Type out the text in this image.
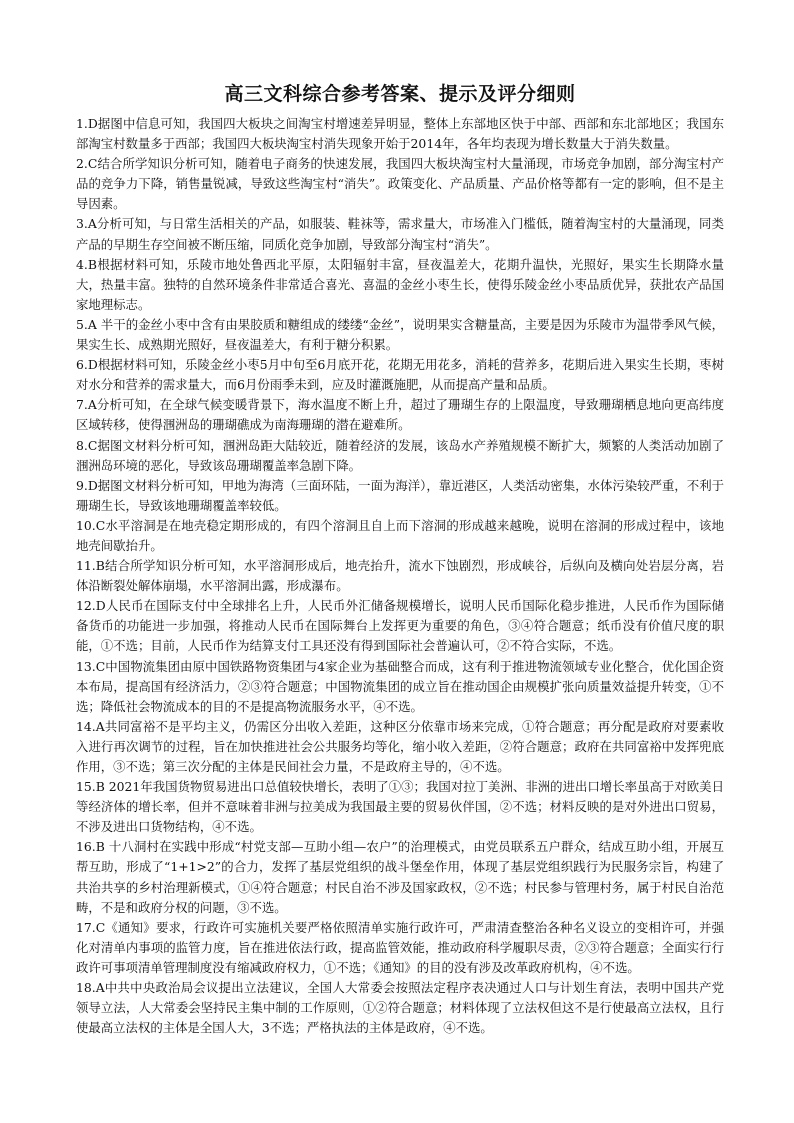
高三文科综合参考答案、提示及评分细则

1.D据图中信息可知，我国四大板块之间淘宝村增速差异明显，整体上东部地区快于中部、西部和东北部地区；我国东部淘宝村数量多于西部；我国四大板块淘宝村消失现象开始于2014年，各年均表现为增长数量大于消失数量。

2.C结合所学知识分析可知，随着电子商务的快速发展，我国四大板块淘宝村大量涌现，市场竞争加剧，部分淘宝村产品的竞争力下降，销售量锐减，导致这些淘宝村“消失”。政策变化、产品质量、产品价格等都有一定的影响，但不是主导因素。

3.A分析可知，与日常生活相关的产品，如服装、鞋袜等，需求量大，市场准入门槛低，随着淘宝村的大量涌现，同类产品的早期生存空间被不断压缩，同质化竞争加剧，导致部分淘宝村“消失”。

4.B根据材料可知，乐陵市地处鲁西北平原，太阳辐射丰富，昼夜温差大，花期升温快，光照好，果实生长期降水量大，热量丰富。独特的自然环境条件非常适合喜光、喜温的金丝小枣生长，使得乐陵金丝小枣品质优异，获批农产品国家地理标志。

5.A 半干的金丝小枣中含有由果胶质和糖组成的缕缕“金丝”，说明果实含糖量高，主要是因为乐陵市为温带季风气候，果实生长、成熟期光照好，昼夜温差大，有利于糖分积累。

6.D根据材料可知，乐陵金丝小枣5月中旬至6月底开花，花期无用花多，消耗的营养多，花期后进入果实生长期，枣树对水分和营养的需求量大，而6月份雨季未到，应及时灌溉施肥，从而提高产量和品质。

7.A分析可知，在全球气候变暖背景下，海水温度不断上升，超过了珊瑚生存的上限温度，导致珊瑚栖息地向更高纬度区域转移，使得涠洲岛的珊瑚礁成为南海珊瑚的潜在避难所。

8.C据图文材料分析可知，涠洲岛距大陆较近，随着经济的发展，该岛水产养殖规模不断扩大，频繁的人类活动加剧了涠洲岛环境的恶化，导致该岛珊瑚覆盖率急剧下降。

9.D据图文材料分析可知，甲地为海湾（三面环陆，一面为海洋），靠近港区，人类活动密集，水体污染较严重，不利于珊瑚生长，导致该地珊瑚覆盖率较低。

10.C水平溶洞是在地壳稳定期形成的，有四个溶洞且自上而下溶洞的形成越来越晚，说明在溶洞的形成过程中，该地地壳间歇抬升。

11.B结合所学知识分析可知，水平溶洞形成后，地壳抬升，流水下蚀剧烈，形成峡谷，后纵向及横向处岩层分离，岩体沿断裂处解体崩塌，水平溶洞出露，形成瀑布。

12.D人民币在国际支付中全球排名上升，人民币外汇储备规模增长，说明人民币国际化稳步推进，人民币作为国际储备货币的功能进一步加强，将推动人民币在国际舞台上发挥更为重要的角色，③④符合题意；纸币没有价值尺度的职能，①不选；目前，人民币作为结算支付工具还没有得到国际社会普遍认可，②不符合实际，不选。

13.C中国物流集团由原中国铁路物资集团与4家企业为基础整合而成，这有利于推进物流领域专业化整合，优化国企资本布局，提高国有经济活力，②③符合题意；中国物流集团的成立旨在推动国企由规模扩张向质量效益提升转变，①不选；降低社会物流成本的目的不是提高物流服务水平，④不选。

14.A共同富裕不是平均主义，仍需区分出收入差距，这种区分依靠市场来完成，①符合题意；再分配是政府对要素收入进行再次调节的过程，旨在加快推进社会公共服务均等化，缩小收入差距，②符合题意；政府在共同富裕中发挥兜底作用，③不选；第三次分配的主体是民间社会力量，不是政府主导的，④不选。

15.B 2021年我国货物贸易进出口总值较快增长，表明了①③；我国对拉丁美洲、非洲的进出口增长率虽高于对欧美日等经济体的增长率，但并不意味着非洲与拉美成为我国最主要的贸易伙伴国，②不选；材料反映的是对外进出口贸易，不涉及进出口货物结构，④不选。

16.B 十八洞村在实践中形成“村党支部—互助小组—农户”的治理模式，由党员联系五户群众，结成互助小组，开展互帮互助，形成了“1+1>2”的合力，发挥了基层党组织的战斗堡垒作用，体现了基层党组织践行为民服务宗旨，构建了共治共享的乡村治理新模式，①④符合题意；村民自治不涉及国家政权，②不选；村民参与管理村务，属于村民自治范畴，不是和政府分权的问题，③不选。

17.C《通知》要求，行政许可实施机关要严格依照清单实施行政许可，严肃清查整治各种名义设立的变相许可，并强化对清单内事项的监管力度，旨在推进依法行政，提高监管效能，推动政府科学履职尽责，②③符合题意；全面实行行政许可事项清单管理制度没有缩减政府权力，①不选；《通知》的目的没有涉及改革政府机构，④不选。

18.A中共中央政治局会议提出立法建议，全国人大常委会按照法定程序表决通过人口与计划生育法，表明中国共产党领导立法，人大常委会坚持民主集中制的工作原则，①②符合题意；材料体现了立法权但这不是行使最高立法权，且行使最高立法权的主体是全国人大，3不选；严格执法的主体是政府，④不选。
